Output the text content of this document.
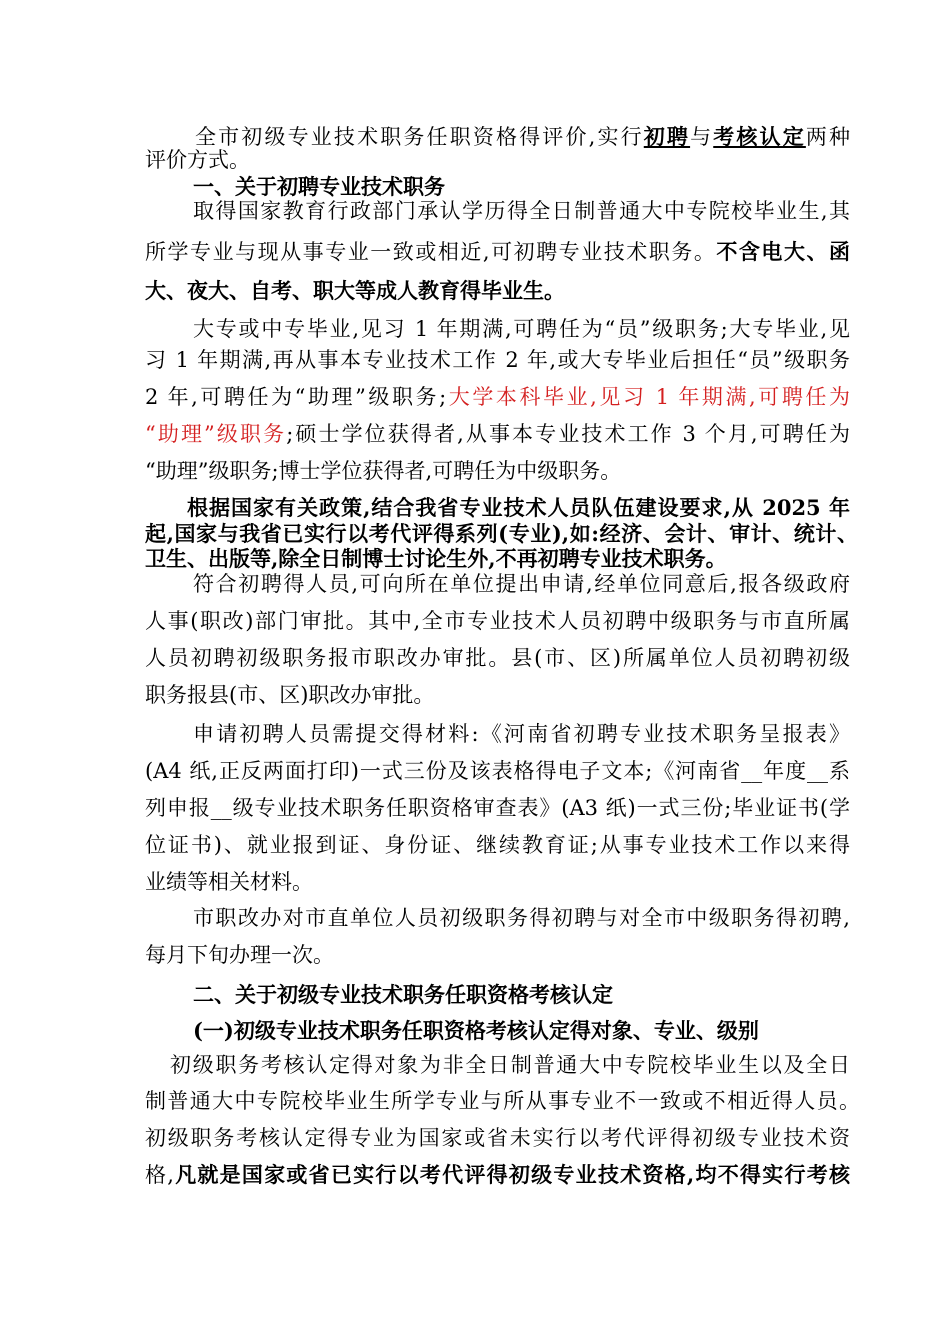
全市初级专业技术职务任职资格得评价,实行初聘与考核认定两种
评价方式。
一、关于初聘专业技术职务
取得国家教育行政部门承认学历得全日制普通大中专院校毕业生,其
所学专业与现从事专业一致或相近,可初聘专业技术职务。不含电大、函
大、夜大、自考、职大等成人教育得毕业生。
大专或中专毕业,见习 1 年期满,可聘任为“员”级职务;大专毕业,见
习 1 年期满,再从事本专业技术工作 2 年,或大专毕业后担任“员”级职务
2 年,可聘任为“助理”级职务;大学本科毕业,见习 1 年期满,可聘任为
“助理”级职务;硕士学位获得者,从事本专业技术工作 3 个月,可聘任为
“助理”级职务;博士学位获得者,可聘任为中级职务。
根据国家有关政策,结合我省专业技术人员队伍建设要求,从 2025 年
起,国家与我省已实行以考代评得系列(专业),如:经济、会计、审计、统计、
卫生、出版等,除全日制博士讨论生外,不再初聘专业技术职务。
符合初聘得人员,可向所在单位提出申请,经单位同意后,报各级政府
人事(职改)部门审批。其中,全市专业技术人员初聘中级职务与市直所属
人员初聘初级职务报市职改办审批。县(市、区)所属单位人员初聘初级
职务报县(市、区)职改办审批。
申请初聘人员需提交得材料:《河南省初聘专业技术职务呈报表》
(A4 纸,正反两面打印)一式三份及该表格得电子文本;《河南省__年度__系
列申报__级专业技术职务任职资格审查表》(A3 纸)一式三份;毕业证书(学
位证书)、就业报到证、身份证、继续教育证;从事专业技术工作以来得
业绩等相关材料。
市职改办对市直单位人员初级职务得初聘与对全市中级职务得初聘,
每月下旬办理一次。
二、关于初级专业技术职务任职资格考核认定
(一)初级专业技术职务任职资格考核认定得对象、专业、级别
初级职务考核认定得对象为非全日制普通大中专院校毕业生以及全日
制普通大中专院校毕业生所学专业与所从事专业不一致或不相近得人员。
初级职务考核认定得专业为国家或省未实行以考代评得初级专业技术资
格,凡就是国家或省已实行以考代评得初级专业技术资格,均不得实行考核
